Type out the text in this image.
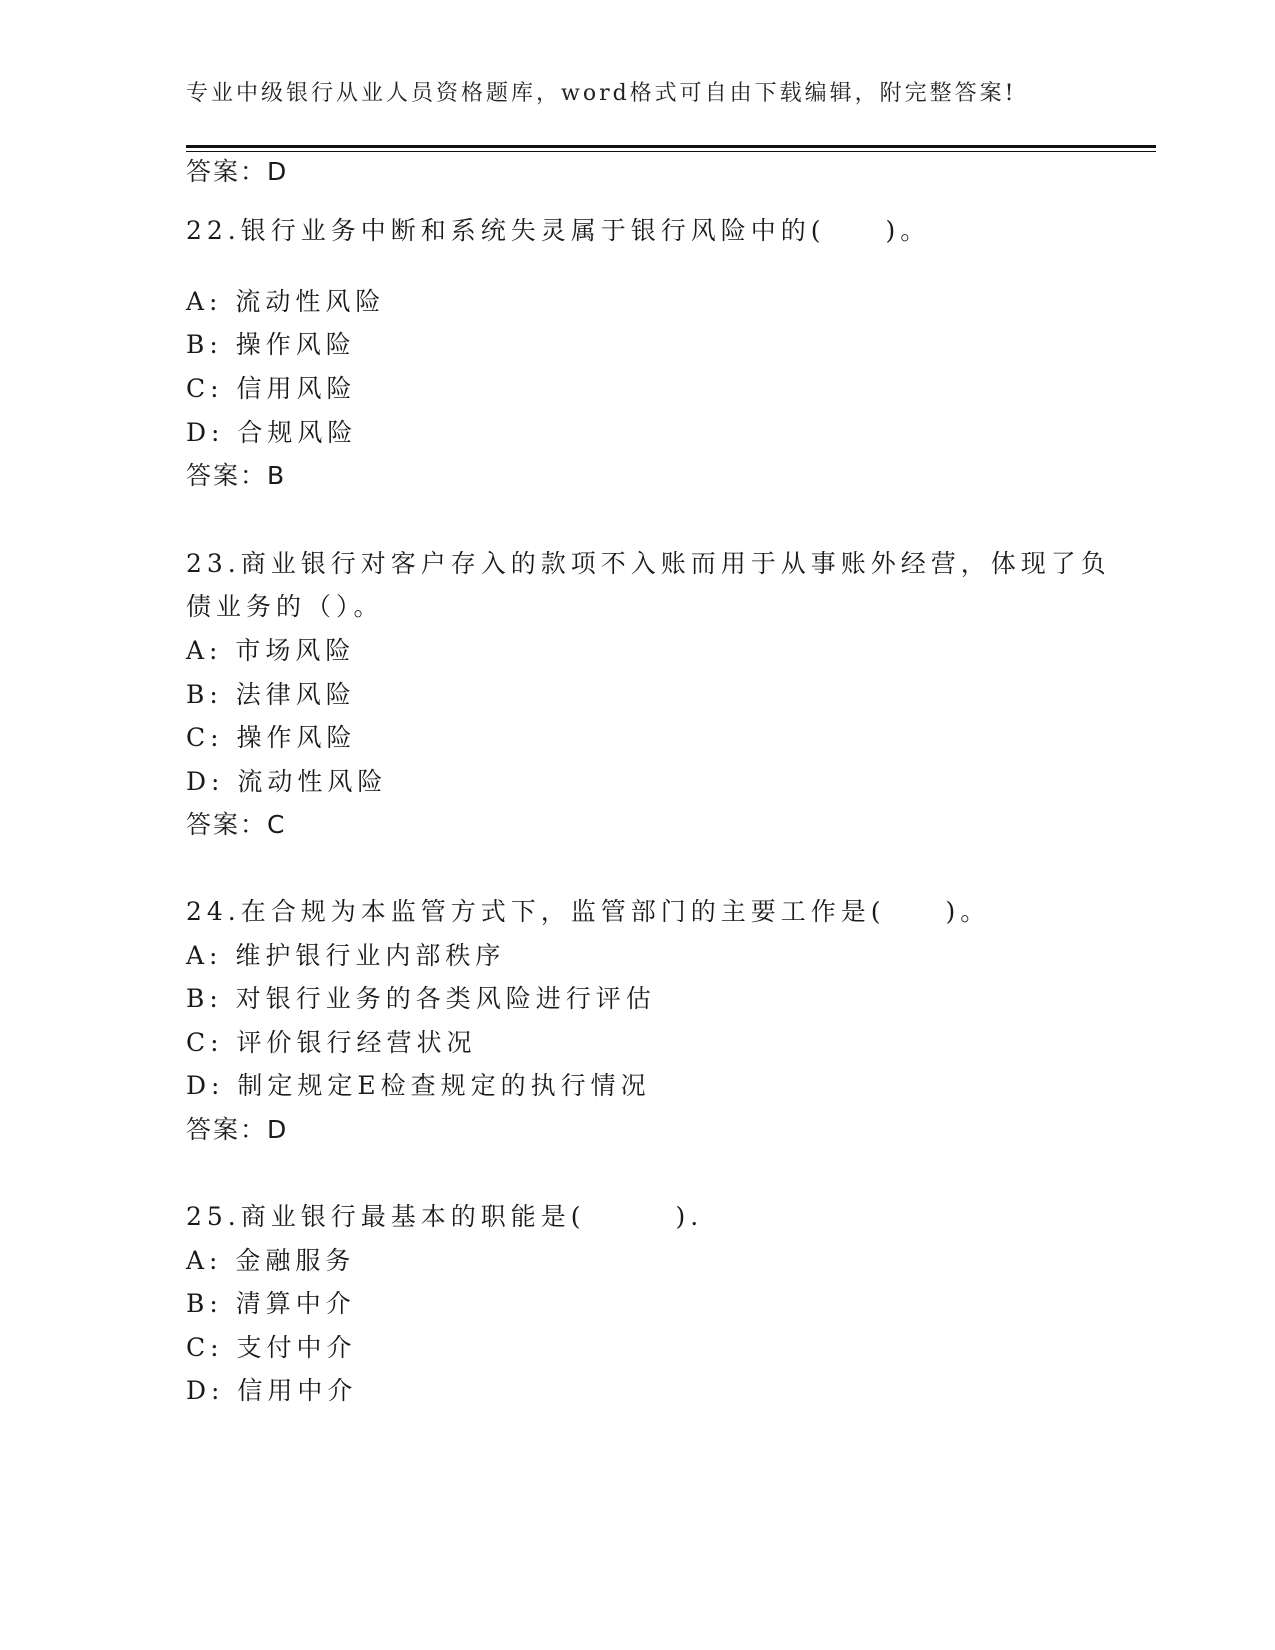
专业中级银行从业人员资格题库，word格式可自由下载编辑，附完整答案!
答案：D
22.银行业务中断和系统失灵属于银行风险中的(　　)。
A: 流动性风险
B: 操作风险
C: 信用风险
D: 合规风险
答案：B
23.商业银行对客户存入的款项不入账而用于从事账外经营，体现了负
债业务的（）。
A: 市场风险
B: 法律风险
C: 操作风险
D: 流动性风险
答案：C
24.在合规为本监管方式下，监管部门的主要工作是(　　)。
A: 维护银行业内部秩序
B: 对银行业务的各类风险进行评估
C: 评价银行经营状况
D: 制定规定E检查规定的执行情况
答案：D
25.商业银行最基本的职能是(　　　).
A: 金融服务
B: 清算中介
C: 支付中介
D: 信用中介
